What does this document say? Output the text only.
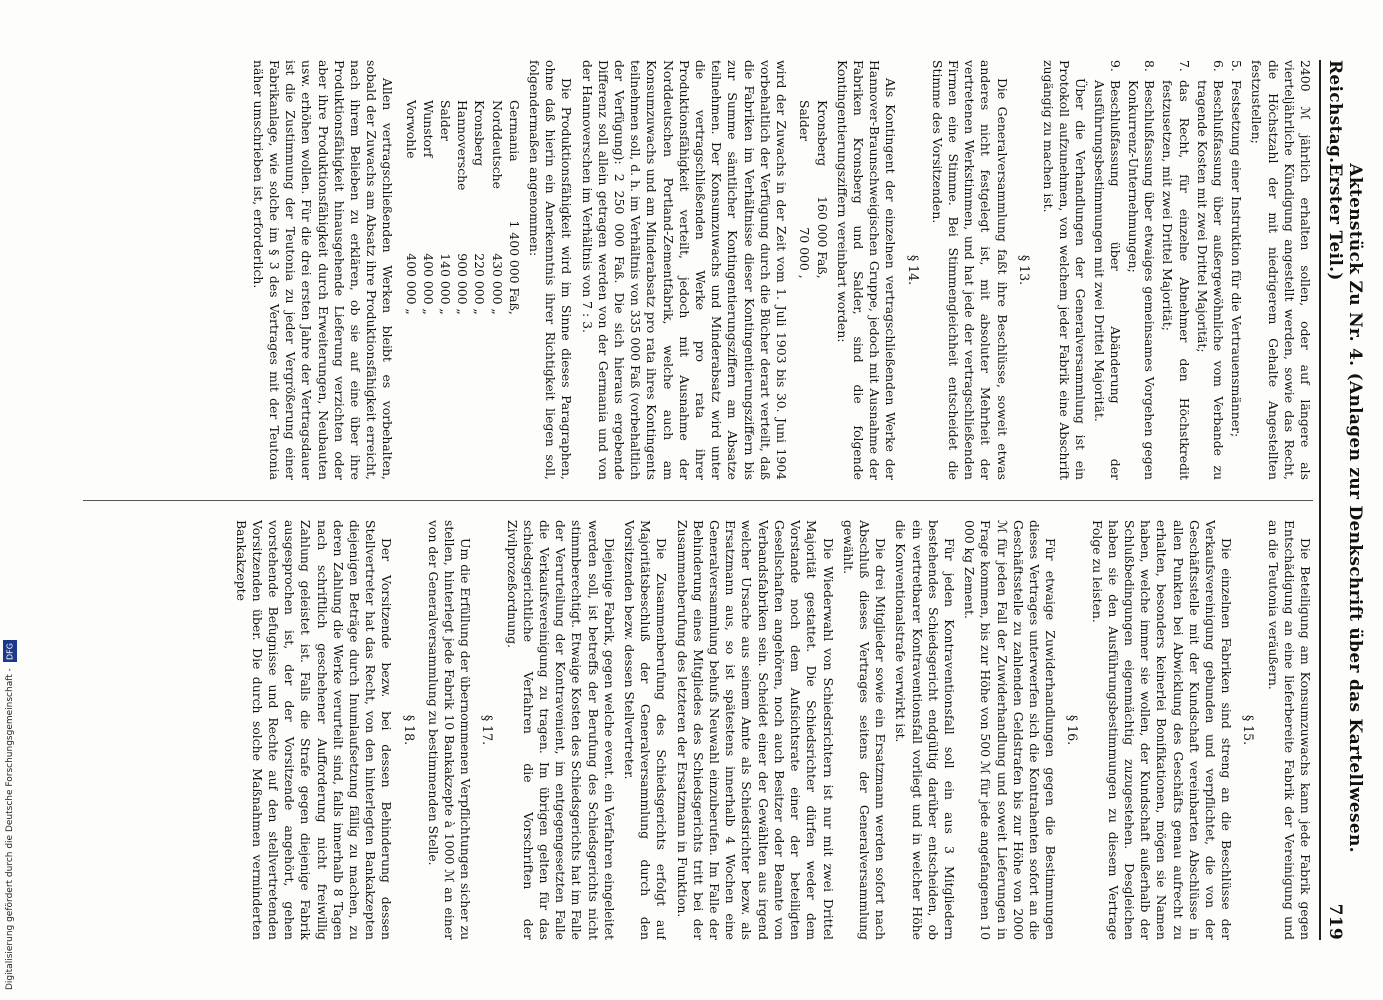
Reichstag.
Aktenstück Zu Nr. 4. (Anlagen zur Denkschrift über das Kartellwesen. Erster Teil.)
719

2400 ℳ jährlich erhalten sollen, oder auf längere als vierteljährliche Kündigung angestellt werden, sowie das Recht, die Höchstzahl der mit niedrigerem Gehalte Angestellten festzustellen;

5.
Festsetzung einer Instruktion für die Vertrauensmänner;
6.
Beschlußfassung über außergewöhnliche vom Verbande zu tragende Kosten mit zwei Drittel Majorität;
7.
das Recht, für einzelne Abnehmer den Höchstkredit festzusetzen, mit zwei Drittel Majorität;
8.
Beschlußfassung über etwaiges gemeinsames Vorgehen gegen Konkurrenz-Unternehmungen;
9.
Beschlußfassung über Abänderung der Ausführungsbestimmungen mit zwei Drittel Majorität.

Über die Verhandlungen der Generalversammlung ist ein Protokoll aufzunehmen, von welchem jeder Fabrik eine Abschrift zugängig zu machen ist.

§ 13.

Die Generalversammlung faßt ihre Beschlüsse, soweit etwas anderes nicht festgelegt ist, mit absoluter Mehrheit der vertretenen Werkstimmen, und hat jede der vertragschließenden Firmen eine Stimme. Bei Stimmengleichheit entscheidet die Stimme des Vorsitzenden.

§ 14.

Als Kontingent der einzelnen vertragschließenden Werke der Hannover-Braunschweigischen Gruppe, jedoch mit Ausnahme der Fabriken Kronsberg und Salder, sind die folgende Kontingentierungsziffern vereinbart worden:

Kronsberg	160 000 Faß,
Salder	70 000 ,

wird der Zuwachs in der Zeit vom 1. Juli 1903 bis 30. Juni 1904 vorbehaltlich der Verfügung durch die Bücher derart verteilt, daß die Fabriken im Verhältnisse dieser Kontingentierungsziffern bis zur Summe sämtlicher Kontingentierungsziffern am Absatze teilnehmen. Der Konsumzuwachs und Minderabsatz wird unter die vertragschließenden Werke pro rata ihrer Produktionsfähigkeit verteilt, jedoch mit Ausnahme der Norddeutschen Portland-Zementfabrik, welche auch am Konsumzuwachs und am Minderabsatz pro rata ihres Kontingents teilnehmen soll, d. h. im Verhältnis von 335 000 Faß (vorbehaltlich der Verfügung): 2 250 000 Faß. Die sich hieraus ergebende Differenz soll allein getragen werden von der Germania und von der Hannoverschen im Verhältnis von 7 : 3.

Die Produktionsfähigkeit wird im Sinne dieses Paragraphen, ohne daß hierin ein Anerkenntnis ihrer Richtigkeit liegen soll, folgendermaßen angenommen:

Germania	1 400 000 Faß,
Norddeutsche	430 000 „
Kronsberg	220 000 „
Hannoversche	900 000 „
Salder	140 000 „
Wunstorf	400 000 „
Vorwohle	400 000 „

Allen vertragschließenden Werken bleibt es vorbehalten, sobald der Zuwachs am Absatz ihre Produktionsfähigkeit erreicht, nach ihrem Belieben zu erklären, ob sie auf eine über ihre Produktionsfähigkeit hinausgehende Lieferung verzichten oder aber ihre Produktionsfähigkeit durch Erweiterungen, Neubauten usw. erhöhen wollen. Für die drei ersten Jahre der Vertragsdauer ist die Zustimmung der Teutonia zu jeder Vergrößerung einer Fabrikanlage, wie solche im § 3 des Vertrages mit der Teutonia näher umschrieben ist, erforderlich.

Die Beteiligung am Konsumzuwachs kann jede Fabrik gegen Entschädigung an eine lieferbereite Fabrik der Vereinigung und an die Teutonia veräußern.

§ 15.

Die einzelnen Fabriken sind streng an die Beschlüsse der Verkaufsvereinigung gebunden und verpflichtet, die von der Geschäftsstelle mit der Kundschaft vereinbarten Abschlüsse in allen Punkten bei Abwicklung des Geschäfts genau aufrecht zu erhalten, besonders keinerlei Bonifikationen, mögen sie Namen haben, welche immer sie wollen, der Kundschaft außerhalb der Schlußbedingungen eigenmächtig zuzugestehen. Desgleichen haben sie den Ausführungsbestimmungen zu diesem Vertrage Folge zu leisten.

§ 16.

Für etwaige Zuwiderhandlungen gegen die Bestimmungen dieses Vertrages unterwerfen sich die Kontrahenten sofort an die Geschäftsstelle zu zahlenden Geldstrafen bis zur Höhe von 2000 ℳ für jeden Fall der Zuwiderhandlung und soweit Lieferungen in Frage kommen, bis zur Höhe von 500 ℳ für jede angefangenen 10 000 kg Zement.

Für jeden Kontraventionsfall soll ein aus 3 Mitgliedern bestehendes Schiedsgericht endgültig darüber entscheiden, ob ein vertretbarer Kontraventionsfall vorliegt und in welcher Höhe die Konventionalstrafe verwirkt ist.

Die drei Mitglieder sowie ein Ersatzmann werden sofort nach Abschluß dieses Vertrages seitens der Generalversammlung gewählt.

Die Wiederwahl von Schiedsrichtern ist nur mit zwei Drittel Majorität gestattet. Die Schiedsrichter dürfen weder dem Vorstande noch dem Aufsichtsrate einer der beteiligten Gesellschaften angehören, noch auch Besitzer oder Beamte von Verbandsfabriken sein. Scheidet einer der Gewählten aus irgend welcher Ursache aus seinem Amte als Schiedsrichter bezw. als Ersatzmann aus, so ist spätestens innerhalb 4 Wochen eine Generalversammlung behufs Neuwahl einzuberufen. Im Falle der Behinderung eines Mitgliedes des Schiedsgerichts tritt bei der Zusammenberufung des letzteren der Ersatzmann in Funktion.

Die Zusammenberufung des Schiedsgerichts erfolgt auf Majoritätsbeschluß der Generalversammlung durch den Vorsitzenden bezw. dessen Stellvertreter.

Diejenige Fabrik, gegen welche event. ein Verfahren eingeleitet werden soll, ist betreffs der Berufung des Schiedsgerichts nicht stimmberechtigt. Etwaige Kosten des Schiedsgerichts hat im Falle der Verurteilung der Kontravenient, im entgegengesetzten Falle die Verkaufsvereinigung zu tragen. Im übrigen gelten für das schiedsgerichtliche Verfahren die Vorschriften der Zivilprozeßordnung.

§ 17.

Um die Erfüllung der übernommenen Verpflichtungen sicher zu stellen, hinterlegt jede Fabrik 10 Bankakzepte à 1000 ℳ an einer von der Generalversammlung zu bestimmenden Stelle.

§ 18.

Der Vorsitzende bezw. bei dessen Behinderung dessen Stellvertreter hat das Recht, von den hinterlegten Bankakzepten diejenigen Beträge durch Inumlaufsetzung fällig zu machen, zu deren Zahlung die Werke verurteilt sind, falls innerhalb 8 Tagen nach schriftlich geschehener Aufforderung nicht freiwillig Zahlung geleistet ist. Falls die Strafe gegen diejenige Fabrik ausgesprochen ist, der der Vorsitzende angehört, gehen vorstehende Befugnisse und Rechte auf den stellvertretenden Vorsitzenden über. Die durch solche Maßnahmen verminderten Bankakzepte

Digitalisierung gefördert durch die Deutsche Forschungsgemeinschaft -
DFG
